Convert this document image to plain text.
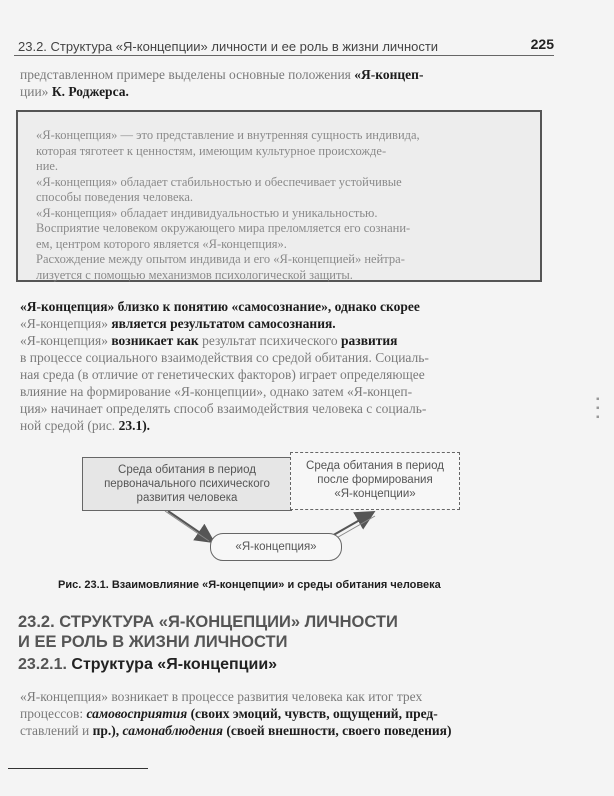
23.2. Структура «Я-концепции» личности и ее роль в жизни личности	225

представленном примере выделены основные положения «Я-концеп-
ции» К. Роджерса.

«Я-концепция» — это представление и внутренняя сущность индивида,
которая тяготеет к ценностям, имеющим культурное происхожде-
ние.
«Я-концепция» обладает стабильностью и обеспечивает устойчивые
способы поведения человека.
«Я-концепция» обладает индивидуальностью и уникальностью.
Восприятие человеком окружающего мира преломляется его сознани-
ем, центром которого является «Я-концепция».
Расхождение между опытом индивида и его «Я-концепцией» нейтра-
лизуется с помощью механизмов психологической защиты.

«Я-концепция» близко к понятию «самосознание», однако скорее
«Я-концепция» является результатом самосознания.
«Я-концепция» возникает как результат психического развития
в процессе социального взаимодействия со средой обитания. Социаль-
ная среда (в отличие от генетических факторов) играет определяющее
влияние на формирование «Я-концепции», однако затем «Я-концеп-
ция» начинает определять способ взаимодействия человека с социаль-
ной средой (рис. 23.1).

▪
▪
▪
Среда обитания в период
первоначального психического
развития человека
Среда обитания в период
после формирования
«Я-концепции»
«Я-концепция»
Рис. 23.1. Взаимовлияние «Я-концепции» и среды обитания человека
23.2. СТРУКТУРА «Я-КОНЦЕПЦИИ» ЛИЧНОСТИ
И ЕЕ РОЛЬ В ЖИЗНИ ЛИЧНОСТИ
23.2.1. Структура «Я-концепции»

«Я-концепция» возникает в процессе развития человека как итог трех
процессов: самовосприятия (своих эмоций, чувств, ощущений, пред-
ставлений и пр.), самонаблюдения (своей внешности, своего поведения)
